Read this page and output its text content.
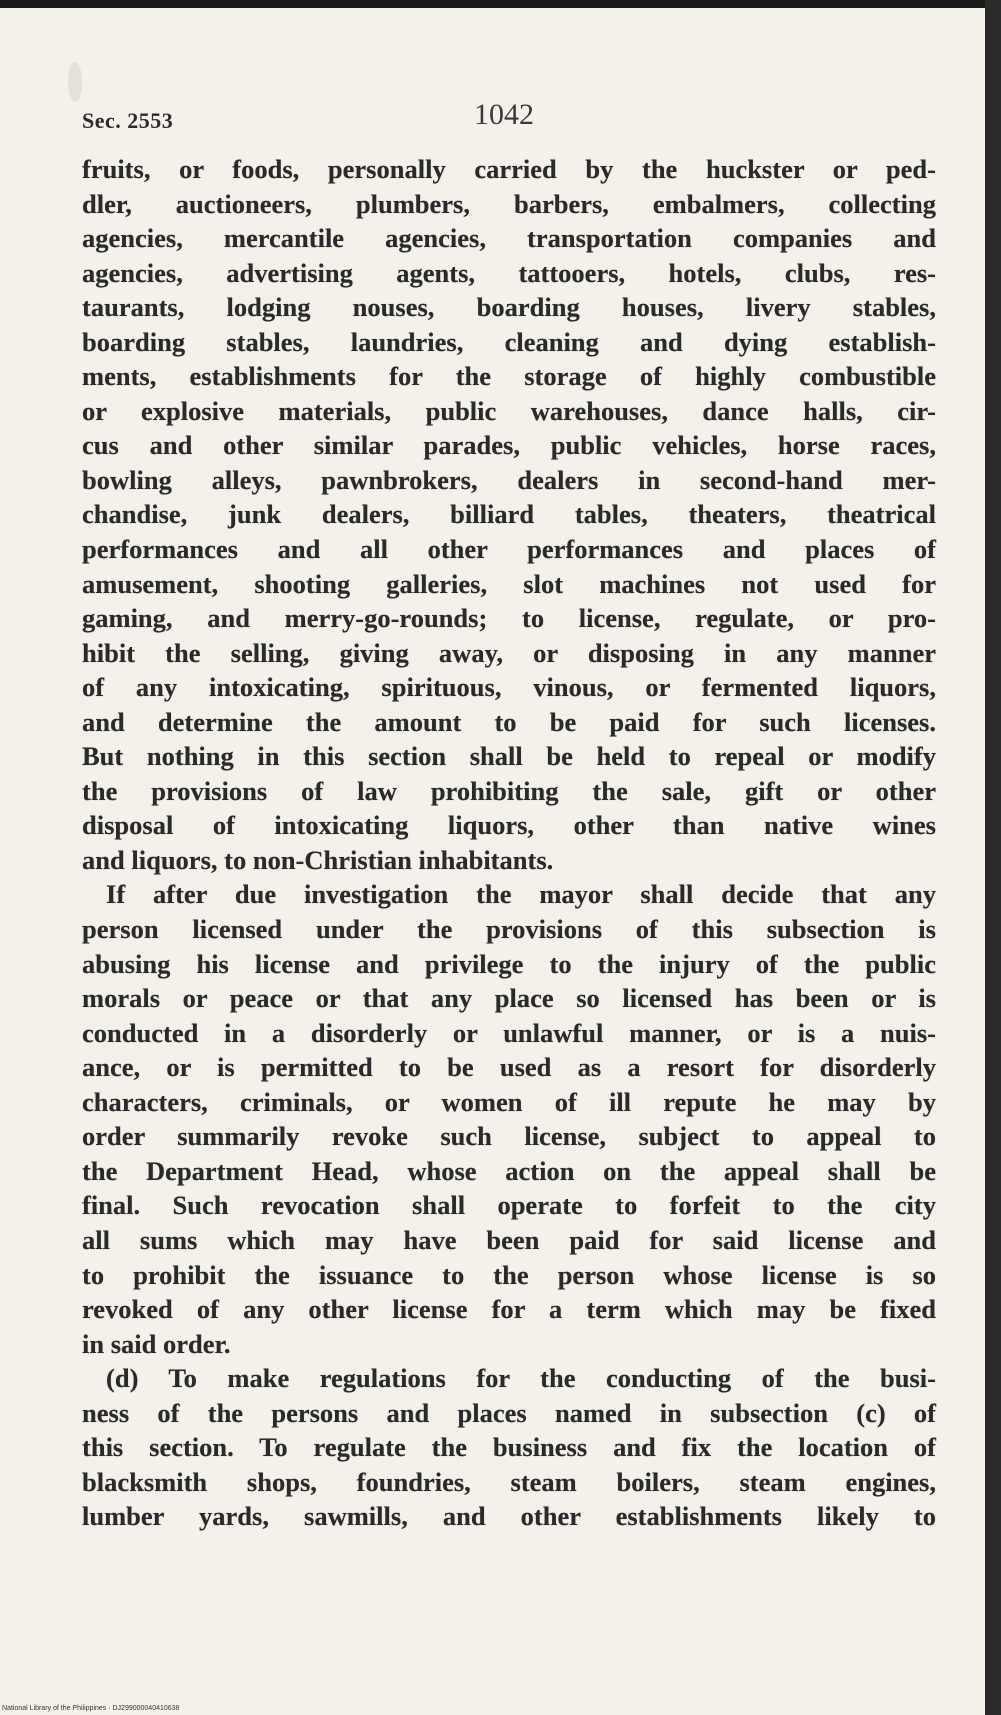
Sec. 2553	1042
fruits, or foods, personally carried by the huckster or ped-
dler, auctioneers, plumbers, barbers, embalmers, collecting
agencies, mercantile agencies, transportation companies and
agencies, advertising agents, tattooers, hotels, clubs, res-
taurants, lodging nouses, boarding houses, livery stables,
boarding stables, laundries, cleaning and dying establish-
ments, establishments for the storage of highly combustible
or explosive materials, public warehouses, dance halls, cir-
cus and other similar parades, public vehicles, horse races,
bowling alleys, pawnbrokers, dealers in second-hand mer-
chandise, junk dealers, billiard tables, theaters, theatrical
performances and all other performances and places of
amusement, shooting galleries, slot machines not used for
gaming, and merry-go-rounds; to license, regulate, or pro-
hibit the selling, giving away, or disposing in any manner
of any intoxicating, spirituous, vinous, or fermented liquors,
and determine the amount to be paid for such licenses.
But nothing in this section shall be held to repeal or modify
the provisions of law prohibiting the sale, gift or other
disposal of intoxicating liquors, other than native wines
and liquors, to non-Christian inhabitants.
If after due investigation the mayor shall decide that any
person licensed under the provisions of this subsection is
abusing his license and privilege to the injury of the public
morals or peace or that any place so licensed has been or is
conducted in a disorderly or unlawful manner, or is a nuis-
ance, or is permitted to be used as a resort for disorderly
characters, criminals, or women of ill repute he may by
order summarily revoke such license, subject to appeal to
the Department Head, whose action on the appeal shall be
final. Such revocation shall operate to forfeit to the city
all sums which may have been paid for said license and
to prohibit the issuance to the person whose license is so
revoked of any other license for a term which may be fixed
in said order.
(d) To make regulations for the conducting of the busi-
ness of the persons and places named in subsection (c) of
this section. To regulate the business and fix the location of
blacksmith shops, foundries, steam boilers, steam engines,
lumber yards, sawmills, and other establishments likely to
National Library of the Philippines · DJ299000040410638
